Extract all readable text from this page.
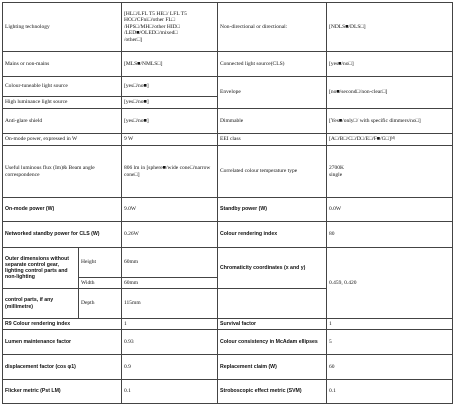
Lighting technology		[HL□/LFL T5 HE□/ LFL T5 HO□/CFni□/other FL□
/HPS□/MH□/other HID□
/LED■/OLED□/mixed□
/other□]	Non-directional or directional:	[NDLS■/DLS□]
Mains or non-mains		[MLS■/NMLS□]	Connected light source(CLS)	[yes■/no□]
Colour-tuneable light source		[yes□/no■]	Envelope	[no■/second□/non-clear□]
High luminance light source		[yes□/no■]		
Anti-glare shield		[yes□/no■]	Dimmable	[Yes■/only□/ with specific dimmers/no□]
On-mode power, expressed in W		9 W	EEI class	[A□/B□/C□/D□/E□/F■/G□]$^{(d)}$
Useful luminous flux (Im)& Beam angle correspondence		806 lm in [sphere■/wide cone□/narrow cone□]	Correlated colour temperature type	2700K
single
On-mode power (W)		9.0W	Standby power (W)	0.0W
Networked standby power for CLS (W)		0.26W	Colour rendering index	80
Outer dimensions without separate control gear, lighting control parts and non-lighting	Height	60mm	Chromaticity coordinates (x and y)	0.459, 0.420
	Width	60mm		
control parts, if any (millimetre)	Depth	115mm		
R9 Colour rendering index		1	Survival factor	1
Lumen maintenance factor		0.93	Colour consistency in McAdam ellipses	5
displacement factor (cos φ1)		0.9	Replacement claim (W)	60
Flicker metric (Pst LM)		0.1	Stroboscopic effect metric (SVM)	0.1
